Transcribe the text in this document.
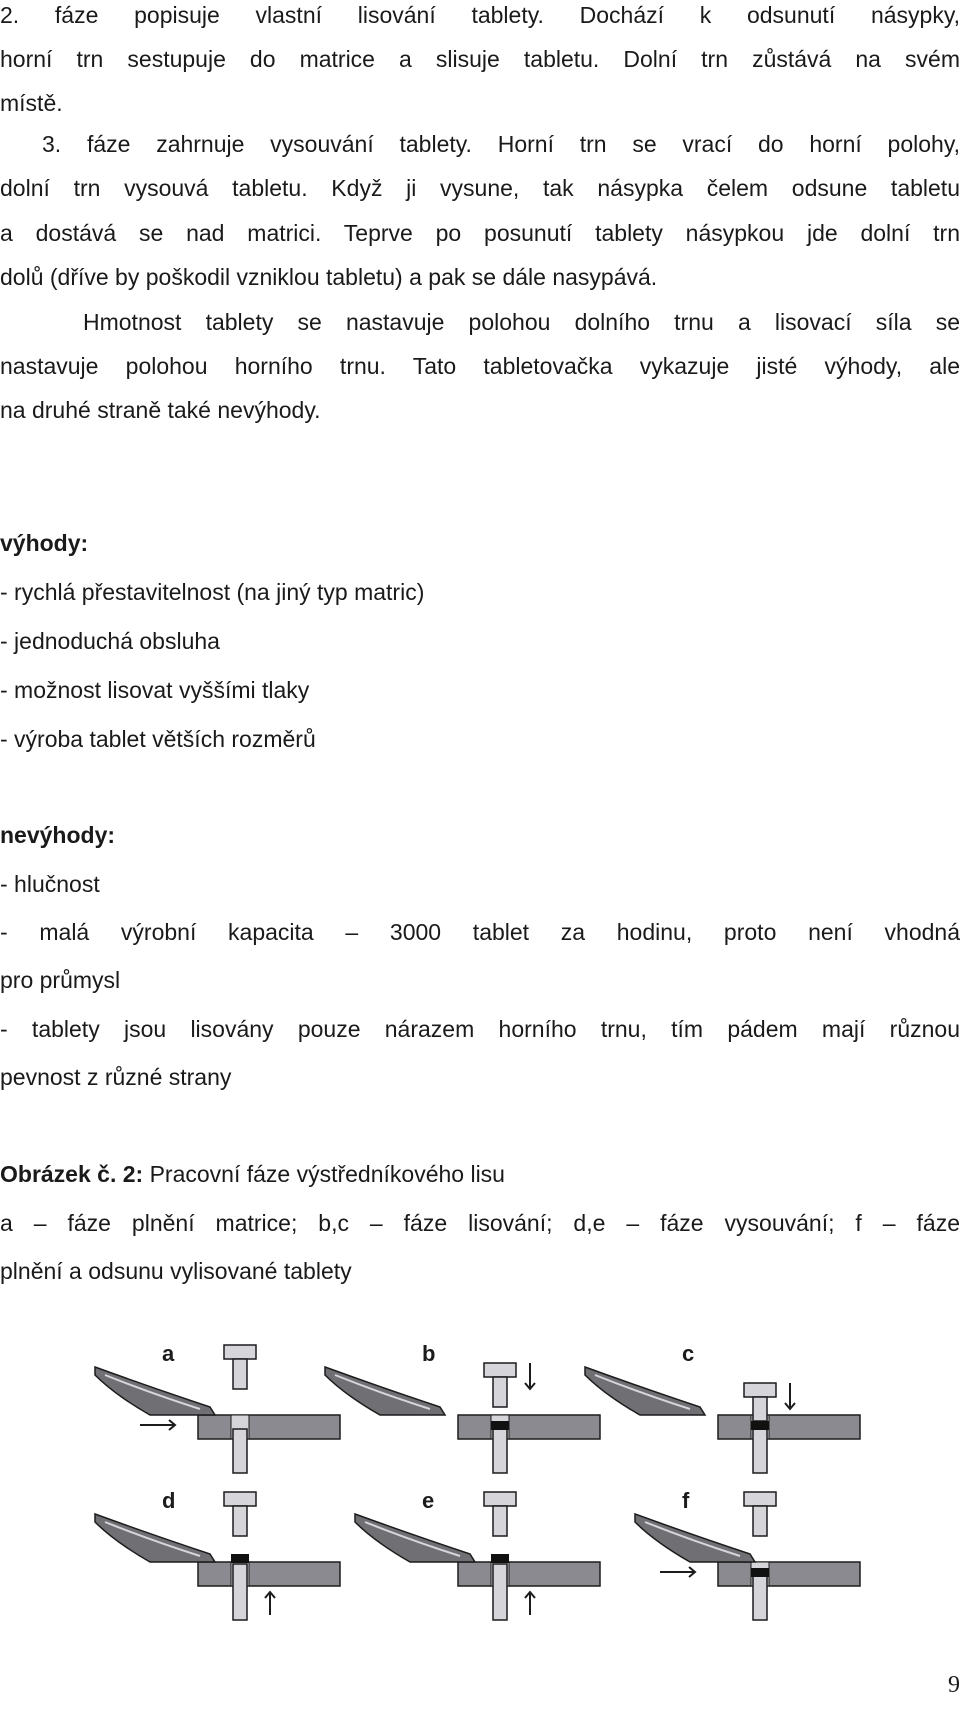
2. fáze popisuje vlastní lisování tablety. Dochází k odsunutí násypky,
horní trn sestupuje do matrice a slisuje tabletu. Dolní trn zůstává na svém
místě.
3. fáze zahrnuje vysouvání tablety. Horní trn se vrací do horní polohy,
dolní trn vysouvá tabletu. Když ji vysune, tak násypka čelem odsune tabletu
a dostává se nad matrici. Teprve po posunutí tablety násypkou jde dolní trn
dolů (dříve by poškodil vzniklou tabletu) a pak se dále nasypává.
Hmotnost tablety se nastavuje polohou dolního trnu a lisovací síla se
nastavuje polohou horního trnu. Tato tabletovačka vykazuje jisté výhody, ale
na druhé straně také nevýhody.
výhody:
- rychlá přestavitelnost (na jiný typ matric)
- jednoduchá obsluha
- možnost lisovat vyššími tlaky
- výroba tablet větších rozměrů
nevýhody:
- hlučnost
- malá výrobní kapacita – 3000 tablet za hodinu, proto není vhodná
pro průmysl
- tablety jsou lisovány pouze nárazem horního trnu, tím pádem mají různou
pevnost z různé strany
Obrázek č. 2: Pracovní fáze výstředníkového lisu
a – fáze plnění matrice; b,c – fáze lisování; d,e – fáze vysouvání; f – fáze
plnění a odsunu vylisované tablety
a	b	c
d	e	f
9
